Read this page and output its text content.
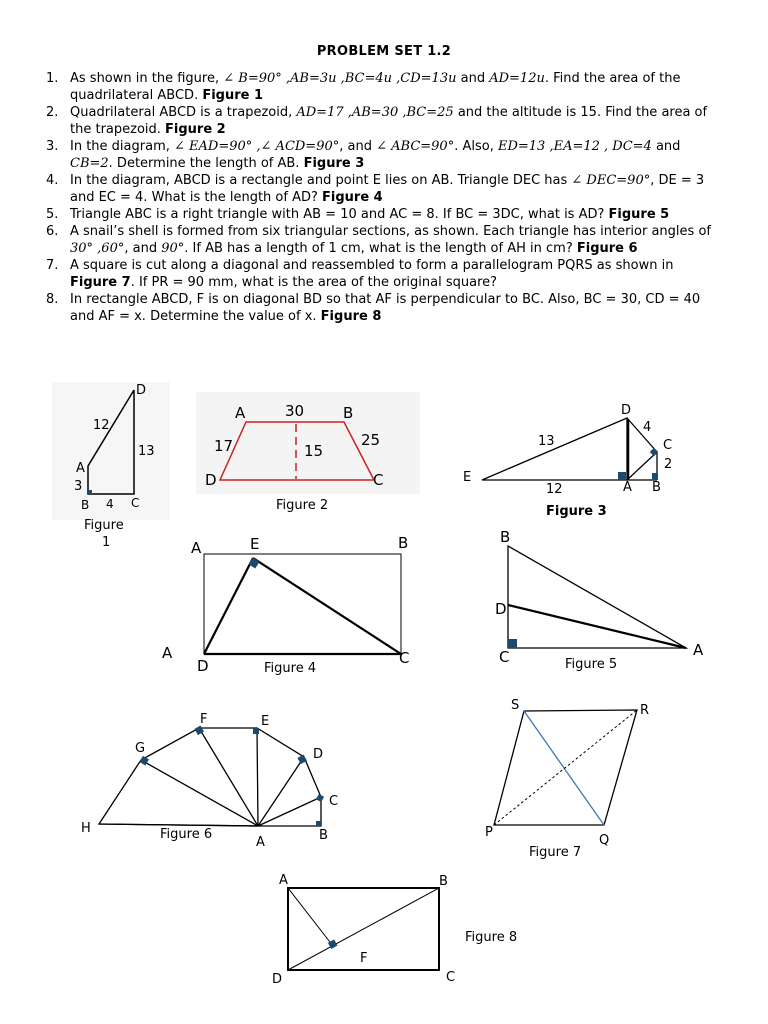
PROBLEM SET 1.2
1. As shown in the figure, ∠ B=90° ,AB=3u ,BC=4u ,CD=13u and AD=12u. Find the area of the quadrilateral ABCD. Figure 1
2. Quadrilateral ABCD is a trapezoid, AD=17 ,AB=30 ,BC=25 and the altitude is 15. Find the area of the trapezoid. Figure 2
3. In the diagram, ∠ EAD=90° ,∠ ACD=90°, and ∠ ABC=90°. Also, ED=13 ,EA=12 , DC=4 and CB=2. Determine the length of AB. Figure 3
4. In the diagram, ABCD is a rectangle and point E lies on AB. Triangle DEC has ∠ DEC=90°, DE = 3 and EC = 4. What is the length of AD? Figure 4
5. Triangle ABC is a right triangle with AB = 10 and AC = 8. If BC = 3DC, what is AD? Figure 5
6. A snail’s shell is formed from six triangular sections, as shown. Each triangle has interior angles of 30° ,60°, and 90°. If AB has a length of 1 cm, what is the length of AH in cm? Figure 6
7. A square is cut along a diagonal and reassembled to form a parallelogram PQRS as shown in Figure 7. If PR = 90 mm, what is the area of the original square?
8. In rectangle ABCD, F is on diagonal BD so that AF is perpendicular to BC. Also, BC = 30, CD = 40 and AF = x. Determine the value of x. Figure 8
D
12
13
A
3
B 4 C
Figure
1
A	30	B
17	15
25
D	C
Figure 2
D
4
13	C
2
E
12	A B
Figure 3
A	E	B
A
D	Figure 4
C
B
D
C	Figure 5
A
F	E
G	D
C
H	Figure 6
A	B
S	R
P
Q
Figure 7
A	B
Figure 8
F
D	C
